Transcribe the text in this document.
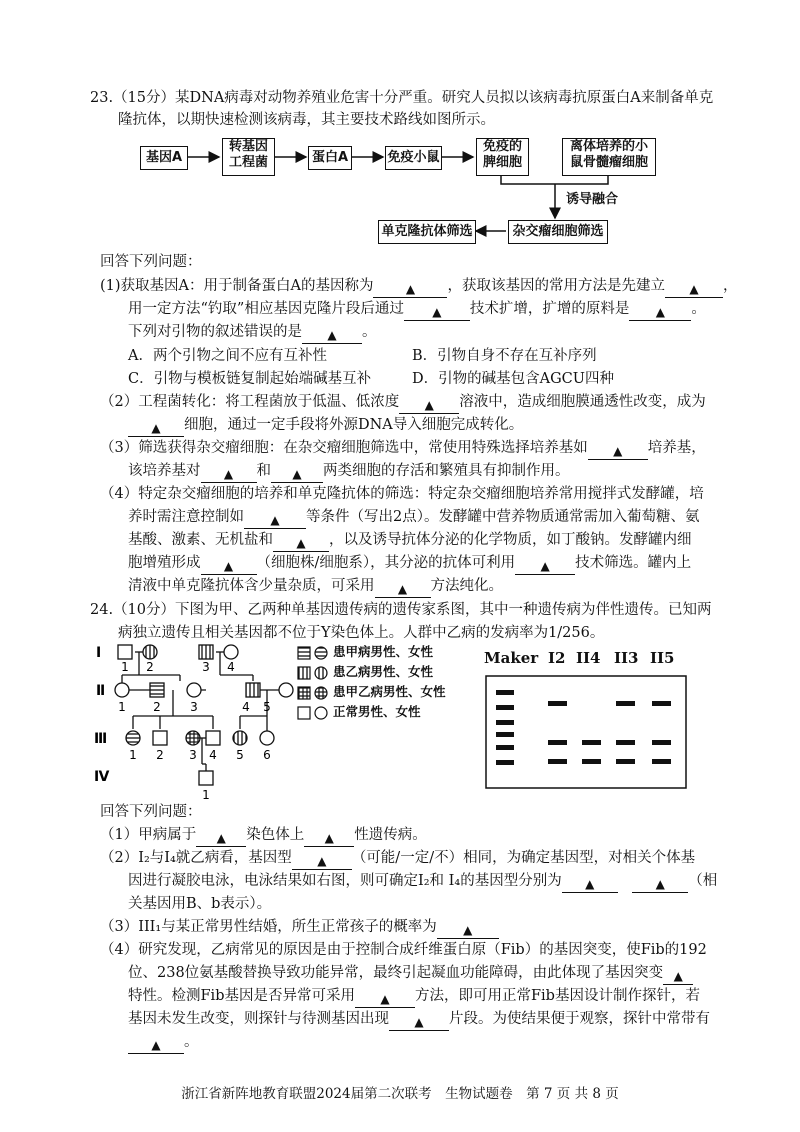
23.（15分）某DNA病毒对动物养殖业危害十分严重。研究人员拟以该病毒抗原蛋白A来制备单克
隆抗体，以期快速检测该病毒，其主要技术路线如图所示。
基因A
转基因
工程菌	蛋白A	免疫小鼠
免疫的
脾细胞
离体培养的小
鼠骨髓瘤细胞
诱导融合
杂交瘤细胞筛选
单克隆抗体筛选
回答下列问题：
(1)获取基因A：用于制备蛋白A的基因称为	▲ ，获取该基因的常用方法是先建立 ▲ ，
用一定方法“钓取”相应基因克隆片段后通过 ▲ 技术扩增，扩增的原料是 ▲ 。
下列对引物的叙述错误的是 ▲ 。
A．两个引物之间不应有互补性	B．引物自身不存在互补序列
C．引物与模板链复制起始端碱基互补	D．引物的碱基包含AGCU四种
（2）工程菌转化：将工程菌放于低温、低浓度 ▲ 溶液中，造成细胞膜通透性改变，成为
▲ 细胞，通过一定手段将外源DNA导入细胞完成转化。
（3）筛选获得杂交瘤细胞：在杂交瘤细胞筛选中，常使用特殊选择培养基如 ▲ 培养基，
该培养基对 ▲ 和 ▲ 两类细胞的存活和繁殖具有抑制作用。
（4）特定杂交瘤细胞的培养和单克隆抗体的筛选：特定杂交瘤细胞培养常用搅拌式发酵罐，培
养时需注意控制如 ▲ 等条件（写出2点）。发酵罐中营养物质通常需加入葡萄糖、氨
基酸、激素、无机盐和 ▲ ，以及诱导抗体分泌的化学物质，如丁酸钠。发酵罐内细
胞增殖形成 ▲ （细胞株/细胞系），其分泌的抗体可利用 ▲ 技术筛选。罐内上
清液中单克隆抗体含少量杂质，可采用 ▲ 方法纯化。
24.（10分）下图为甲、乙两种单基因遗传病的遗传家系图，其中一种遗传病为伴性遗传。已知两
病独立遗传且相关基因都不位于Y染色体上。人群中乙病的发病率为1/256。
Ⅰ
Ⅱ
Ⅲ
Ⅳ
1 2	3 4
1 2 3	4 5
1 2 3 4 5 6
1
患甲病男性、女性
患乙病男性、女性
患甲乙病男性、女性
正常男性、女性
Maker I2 II4 II3 II5
回答下列问题：
（1）甲病属于 ▲ 染色体上 ▲ 性遗传病。
（2）I₂与I₄就乙病看，基因型 ▲ （可能/一定/不）相同，为确定基因型，对相关个体基
因进行凝胶电泳，电泳结果如右图，则可确定I₂和 I₄的基因型分别为 ▲　	▲ （相
关基因用B、b表示）。
（3）III₁与某正常男性结婚，所生正常孩子的概率为 ▲
（4）研究发现，乙病常见的原因是由于控制合成纤维蛋白原（Fib）的基因突变，使Fib的192
位、238位氨基酸替换导致功能异常，最终引起凝血功能障碍，由此体现了基因突变 ▲
特性。检测Fib基因是否异常可采用 ▲ 方法，即可用正常Fib基因设计制作探针，若
基因未发生改变，则探针与待测基因出现 ▲ 片段。为使结果便于观察，探针中常带有
▲ 。
浙江省新阵地教育联盟2024届第二次联考　生物试题卷　第 7 页 共 8 页
